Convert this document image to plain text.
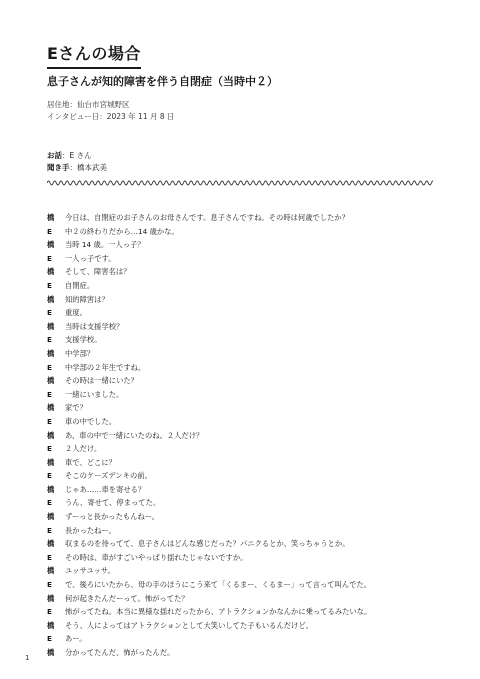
Eさんの場合
息子さんが知的障害を伴う自閉症（当時中２）
居住地：仙台市宮城野区
インタビュー日：2023 年 11 月 8 日
お話：E さん
聞き手：橋本武美
橋	今日は、自閉症のお子さんのお母さんです。息子さんですね。その時は何歳でしたか？
E	中２の終わりだから…14 歳かな。
橋	当時 14 歳。一人っ子？
E	一人っ子です。
橋	そして、障害名は？
E	自閉症。
橋	知的障害は？
E	重度。
橋	当時は支援学校？
E	支援学校。
橋	中学部？
E	中学部の２年生ですね。
橋	その時は一緒にいた？
E	一緒にいました。
橋	家で？
E	車の中でした。
橋	あ、車の中で一緒にいたのね。２人だけ？
E	２人だけ。
橋	車で、どこに？
E	そこのケーズデンキの前。
橋	じゃあ……車を寄せる？
E	うん、寄せて、停まってた。
橋	ずーっと長かったもんねー。
E	長かったねー。
橋	収まるのを待ってて、息子さんはどんな感じだった？パニクるとか、笑っちゃうとか。
E	その時は、車がすごいやっぱり揺れたじゃないですか。
橋	ユッサユッサ。
E	で、後ろにいたから、母の手のほうにこう来て「くるまー、くるまー」って言って叫んでた。
橋	何が起きたんだーって。怖がってた？
E	怖がってたね。本当に異様な揺れだったから、アトラクションかなんかに乗ってるみたいな。
橋	そう、人によってはアトラクションとして大笑いしてた子もいるんだけど。
E	あー。
橋	分かってたんだ、怖がったんだ。
1
